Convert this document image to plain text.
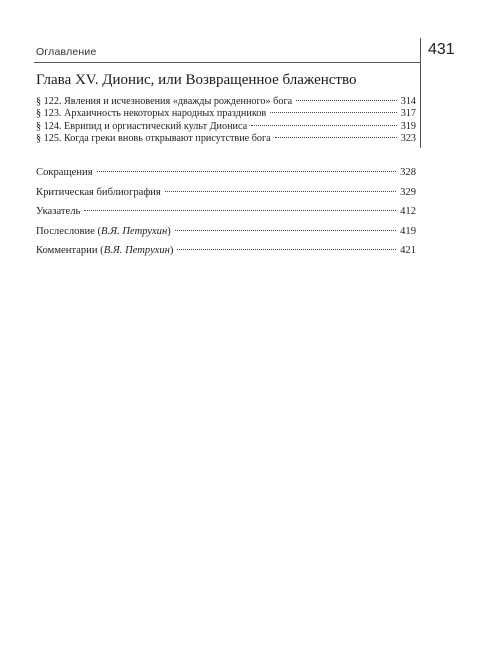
Оглавление	431
Глава XV. Дионис, или Возвращенное блаженство
§ 122. Явления и исчезновения «дважды рожденного» бога	314
§ 123. Архаичность некоторых народных праздников	317
§ 124. Еврипид и оргиастический культ Диониса	319
§ 125. Когда греки вновь открывают присутствие бога	323
Сокращения	328
Критическая библиография	329
Указатель	412
Послесловие (В.Я. Петрухин)	419
Комментарии (В.Я. Петрухин)	421
